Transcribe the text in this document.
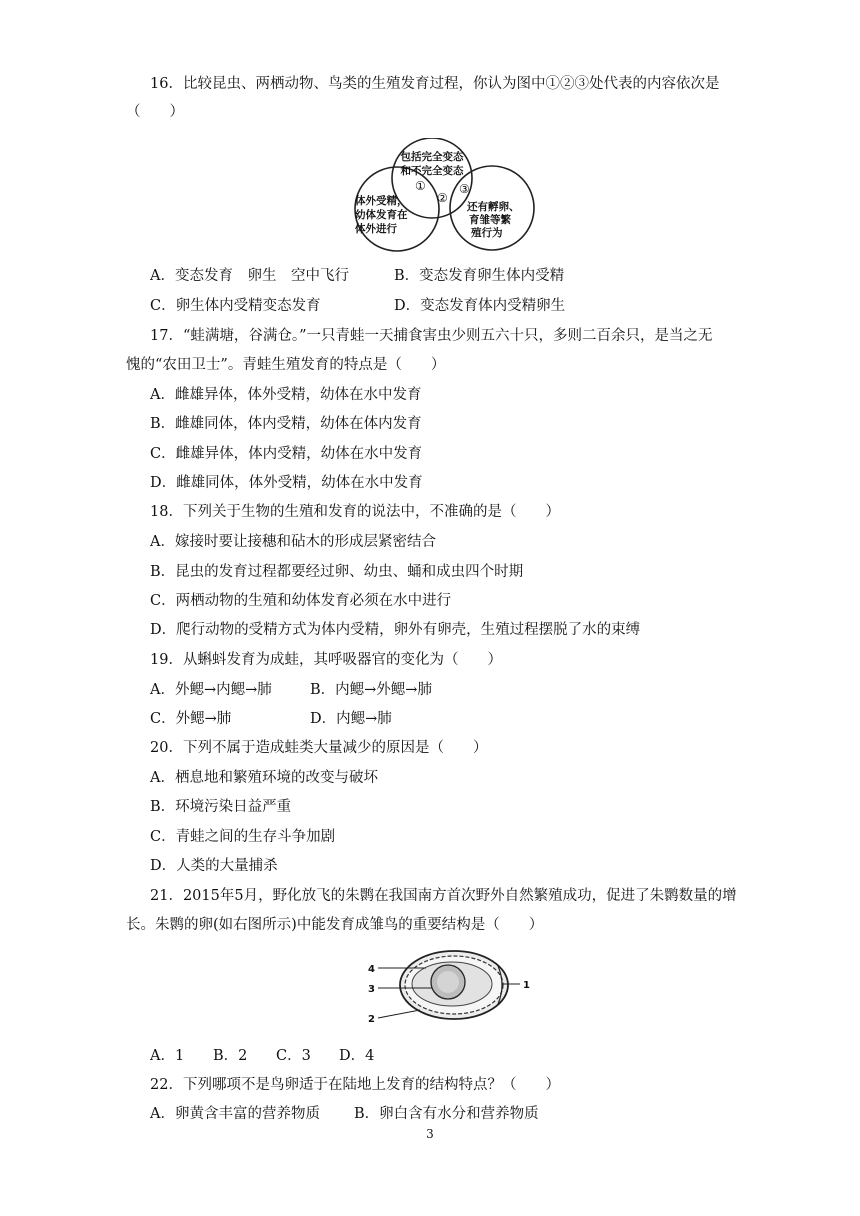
16．比较昆虫、两栖动物、鸟类的生殖发育过程，你认为图中①②③处代表的内容依次是
（　　）
包括完全变态
和不完全变态
体外受精，
幼体发育在
体外进行
还有孵卵、
育雏等繁
殖行为
①
②
③
A．变态发育　卵生　空中飞行	B．变态发育卵生体内受精
C．卵生体内受精变态发育	D．变态发育体内受精卵生
17．“蛙满塘，谷满仓。”一只青蛙一天捕食害虫少则五六十只，多则二百余只，是当之无
愧的“农田卫士”。青蛙生殖发育的特点是（　　）
A．雌雄异体，体外受精，幼体在水中发育
B．雌雄同体，体内受精，幼体在体内发育
C．雌雄异体，体内受精，幼体在水中发育
D．雌雄同体，体外受精，幼体在水中发育
18．下列关于生物的生殖和发育的说法中，不准确的是（　　）
A．嫁接时要让接穗和砧木的形成层紧密结合
B．昆虫的发育过程都要经过卵、幼虫、蛹和成虫四个时期
C．两栖动物的生殖和幼体发育必须在水中进行
D．爬行动物的受精方式为体内受精，卵外有卵壳，生殖过程摆脱了水的束缚
19．从蝌蚪发育为成蛙，其呼吸器官的变化为（　　）
A．外鳃→内鳃→肺	B．内鳃→外鳃→肺
C．外鳃→肺	D．内鳃→肺
20．下列不属于造成蛙类大量减少的原因是（　　）
A．栖息地和繁殖环境的改变与破坏
B．环境污染日益严重
C．青蛙之间的生存斗争加剧
D．人类的大量捕杀
21．2015年5月，野化放飞的朱鹮在我国南方首次野外自然繁殖成功，促进了朱鹮数量的增
长。朱鹮的卵(如右图所示)中能发育成雏鸟的重要结构是（　　）
4
3
2
1
A．1 B．2 C．3 D．4
22．下列哪项不是鸟卵适于在陆地上发育的结构特点？（　　）
A．卵黄含丰富的营养物质 B．卵白含有水分和营养物质
3
